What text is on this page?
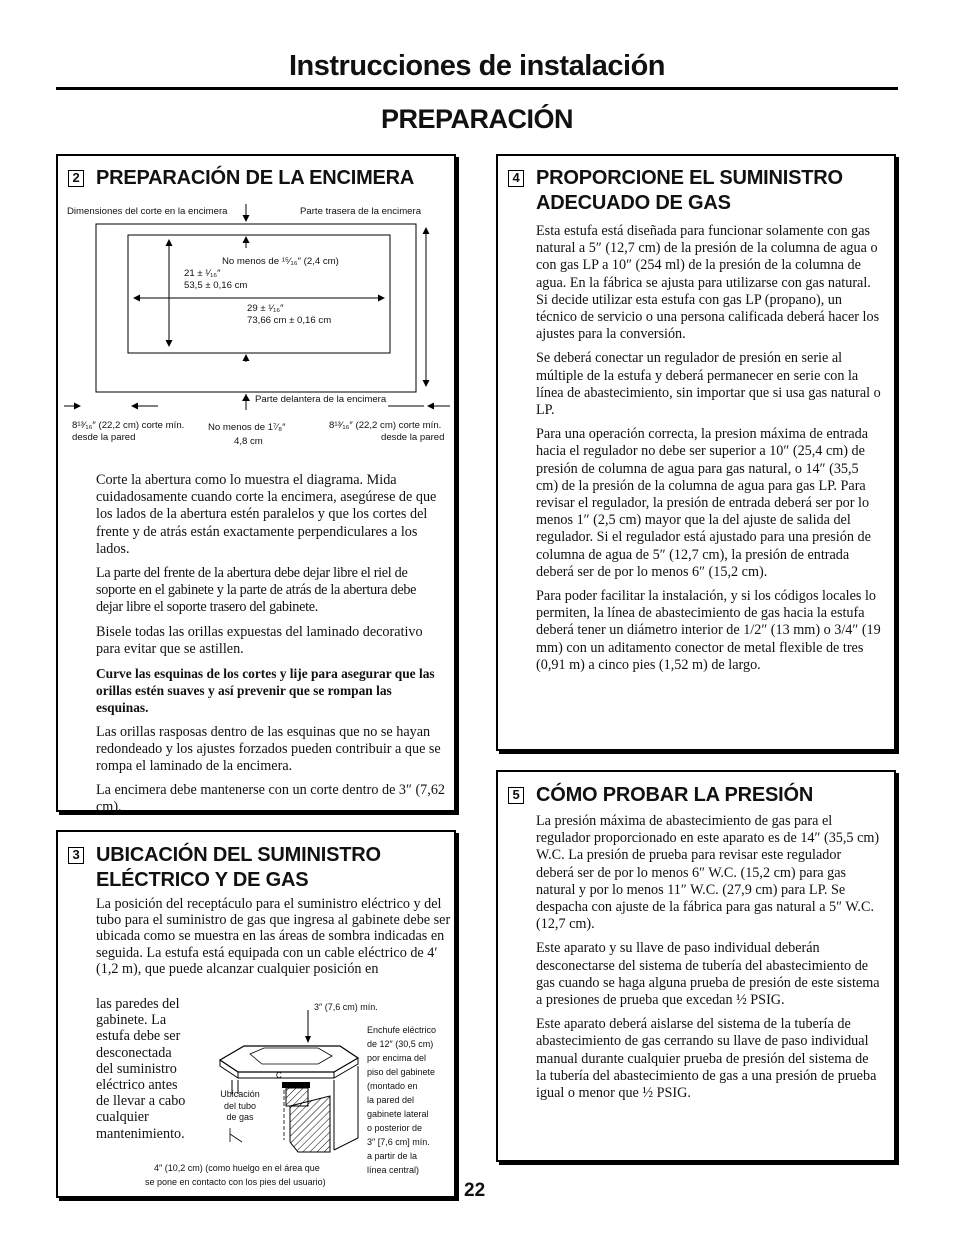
Instrucciones de instalación
PREPARACIÓN
2 PREPARACIÓN DE LA ENCIMERA
Dimensiones del corte en la encimera	Parte trasera de la encimera
No menos de ¹⁵⁄₁₆″ (2,4 cm)
21 ± ¹⁄₁₆″
53,5 ± 0,16 cm
29 ± ¹⁄₁₆″
73,66 cm ± 0,16 cm
Parte delantera de la encimera
8¹³⁄₁₆″ (22,2 cm) corte mín.
desde la pared
No menos de 1⁷⁄₈″
4,8 cm
8¹³⁄₁₆″ (22,2 cm) corte mín.
desde la pared

Corte la abertura como lo muestra el diagrama. Mida cuidadosamente cuando corte la encimera, asegúrese de que los lados de la abertura estén paralelos y que los cortes del frente y de atrás están exactamente perpendiculares a los lados.

La parte del frente de la abertura debe dejar libre el riel de soporte en el gabinete y la parte de atrás de la abertura debe dejar libre el soporte trasero del gabinete.

Bisele todas las orillas expuestas del laminado decorativo para evitar que se astillen.

Curve las esquinas de los cortes y lije para asegurar que las orillas estén suaves y así prevenir que se rompan las esquinas.

Las orillas rasposas dentro de las esquinas que no se hayan redondeado y los ajustes forzados pueden contribuir a que se rompa el laminado de la encimera.

La encimera debe mantenerse con un corte dentro de 3″ (7,62 cm).

3 UBICACIÓN DEL SUMINISTRO
ELÉCTRICO Y DE GAS
La posición del receptáculo para el suministro eléctrico y del tubo para el suministro de gas que ingresa al gabinete debe ser ubicada como se muestra en las áreas de sombra indicadas en seguida. La estufa está equipada con un cable eléctrico de 4′ (1,2 m), que puede alcanzar cualquier posición en
las paredes del
gabinete. La
estufa debe ser
desconectada
del suministro
eléctrico antes
de llevar a cabo
cualquier
mantenimiento.
C
3″ (7,6 cm) mín.
Ubicación
del tubo
de gas
Enchufe eléctrico
de 12″ (30,5 cm)
por encima del
piso del gabinete
(montado en
la pared del
gabinete lateral
o posterior de
3″ [7,6 cm] mín.
a partir de la
línea central)
4″ (10,2 cm) (como huelgo en el área que
se pone en contacto con los pies del usuario)
4 PROPORCIONE EL SUMINISTRO
ADECUADO DE GAS

Esta estufa está diseñada para funcionar solamente con gas natural a 5″ (12,7 cm) de la presión de la columna de agua o con gas LP a 10″ (254 ml) de la presión de la columna de agua. En la fábrica se ajusta para utilizarse con gas natural. Si decide utilizar esta estufa con gas LP (propano), un técnico de servicio o una persona calificada deberá hacer los ajustes para la conversión.

Se deberá conectar un regulador de presión en serie al múltiple de la estufa y deberá permanecer en serie con la línea de abastecimiento, sin importar que si usa gas natural o LP.

Para una operación correcta, la presion máxima de entrada hacia el regulador no debe ser superior a 10″ (25,4 cm) de presión de columna de agua para gas natural, o 14″ (35,5 cm) de la presión de la columna de agua para gas LP. Para revisar el regulador, la presión de entrada deberá ser por lo menos 1″ (2,5 cm) mayor que la del ajuste de salida del regulador. Si el regulador está ajustado para una presión de columna de agua de 5″ (12,7 cm), la presión de entrada deberá ser de por lo menos 6″ (15,2 cm).

Para poder facilitar la instalación, y si los códigos locales lo permiten, la línea de abastecimiento de gas hacia la estufa deberá tener un diámetro interior de 1/2″ (13 mm) o 3/4″ (19 mm) con un aditamento conector de metal flexible de tres (0,91 m) a cinco pies (1,52 m) de largo.

5 CÓMO PROBAR LA PRESIÓN

La presión máxima de abastecimiento de gas para el regulador proporcionado en este aparato es de 14″ (35,5 cm) W.C. La presión de prueba para revisar este regulador deberá ser de por lo menos 6″ W.C. (15,2 cm) para gas natural y por lo menos 11″ W.C. (27,9 cm) para LP. Se despacha con ajuste de la fábrica para gas natural a 5″ W.C. (12,7 cm).

Este aparato y su llave de paso individual deberán desconectarse del sistema de tubería del abastecimiento de gas cuando se haga alguna prueba de presión de este sistema a presiones de prueba que excedan ½ PSIG.

Este aparato deberá aislarse del sistema de la tubería de abastecimiento de gas cerrando su llave de paso individual manual durante cualquier prueba de presión del sistema de la tubería del abastecimiento de gas a una presión de prueba igual o menor que ½ PSIG.

22
